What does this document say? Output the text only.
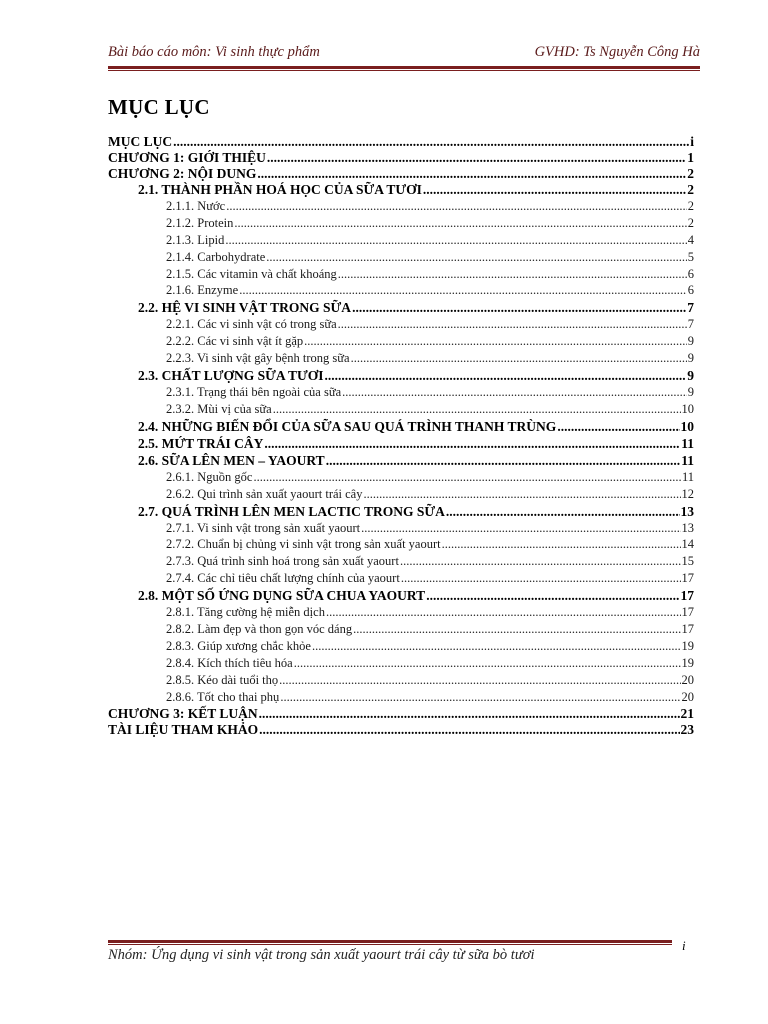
Bài báo cáo môn: Vi sinh thực phẩm	GVHD: Ts Nguyễn Công Hà
MỤC LỤC
MỤC LỤC .....	i
CHƯƠNG 1: GIỚI THIỆU .....	1
CHƯƠNG 2: NỘI DUNG .....	2
2.1. THÀNH PHẦN HOÁ HỌC CỦA SỮA TƯƠI .....	2
2.1.1. Nước .....	2
2.1.2. Protein .....	2
2.1.3. Lipid .....	4
2.1.4. Carbohydrate .....	5
2.1.5. Các vitamin và chất khoáng .....	6
2.1.6. Enzyme .....	6
2.2. HỆ VI SINH VẬT TRONG SỮA .....	7
2.2.1. Các vi sinh vật có trong sữa .....	7
2.2.2. Các vi sinh vật ít gặp .....	9
2.2.3. Vi sinh vật gây bệnh trong sữa .....	9
2.3. CHẤT LƯỢNG SỮA TƯƠI .....	9
2.3.1. Trạng thái bên ngoài của sữa .....	9
2.3.2. Mùi vị của sữa .....	10
2.4. NHỮNG BIẾN ĐỔI CỦA SỮA SAU QUÁ TRÌNH THANH TRÙNG .....	10
2.5. MỨT TRÁI CÂY .....	11
2.6. SỮA LÊN MEN – YAOURT .....	11
2.6.1. Nguồn gốc .....	11
2.6.2. Qui trình sản xuất yaourt trái cây .....	12
2.7. QUÁ TRÌNH LÊN MEN LACTIC TRONG SỮA .....	13
2.7.1. Vi sinh vật trong sản xuất yaourt .....	13
2.7.2. Chuẩn bị chủng vi sinh vật trong sản xuất yaourt .....	14
2.7.3. Quá trình sinh hoá trong sản xuất yaourt .....	15
2.7.4. Các chỉ tiêu chất lượng chính của yaourt .....	17
2.8. MỘT SỐ ỨNG DỤNG SỮA CHUA YAOURT .....	17
2.8.1. Tăng cường hệ miễn dịch .....	17
2.8.2. Làm đẹp và thon gọn vóc dáng .....	17
2.8.3. Giúp xương chắc khỏe .....	19
2.8.4. Kích thích tiêu hóa .....	19
2.8.5. Kéo dài tuổi thọ .....	20
2.8.6. Tốt cho thai phụ .....	20
CHƯƠNG 3: KẾT LUẬN .....	21
TÀI LIỆU THAM KHẢO .....	23
i
Nhóm: Ứng dụng vi sinh vật trong sản xuất yaourt trái cây từ sữa bò tươi
